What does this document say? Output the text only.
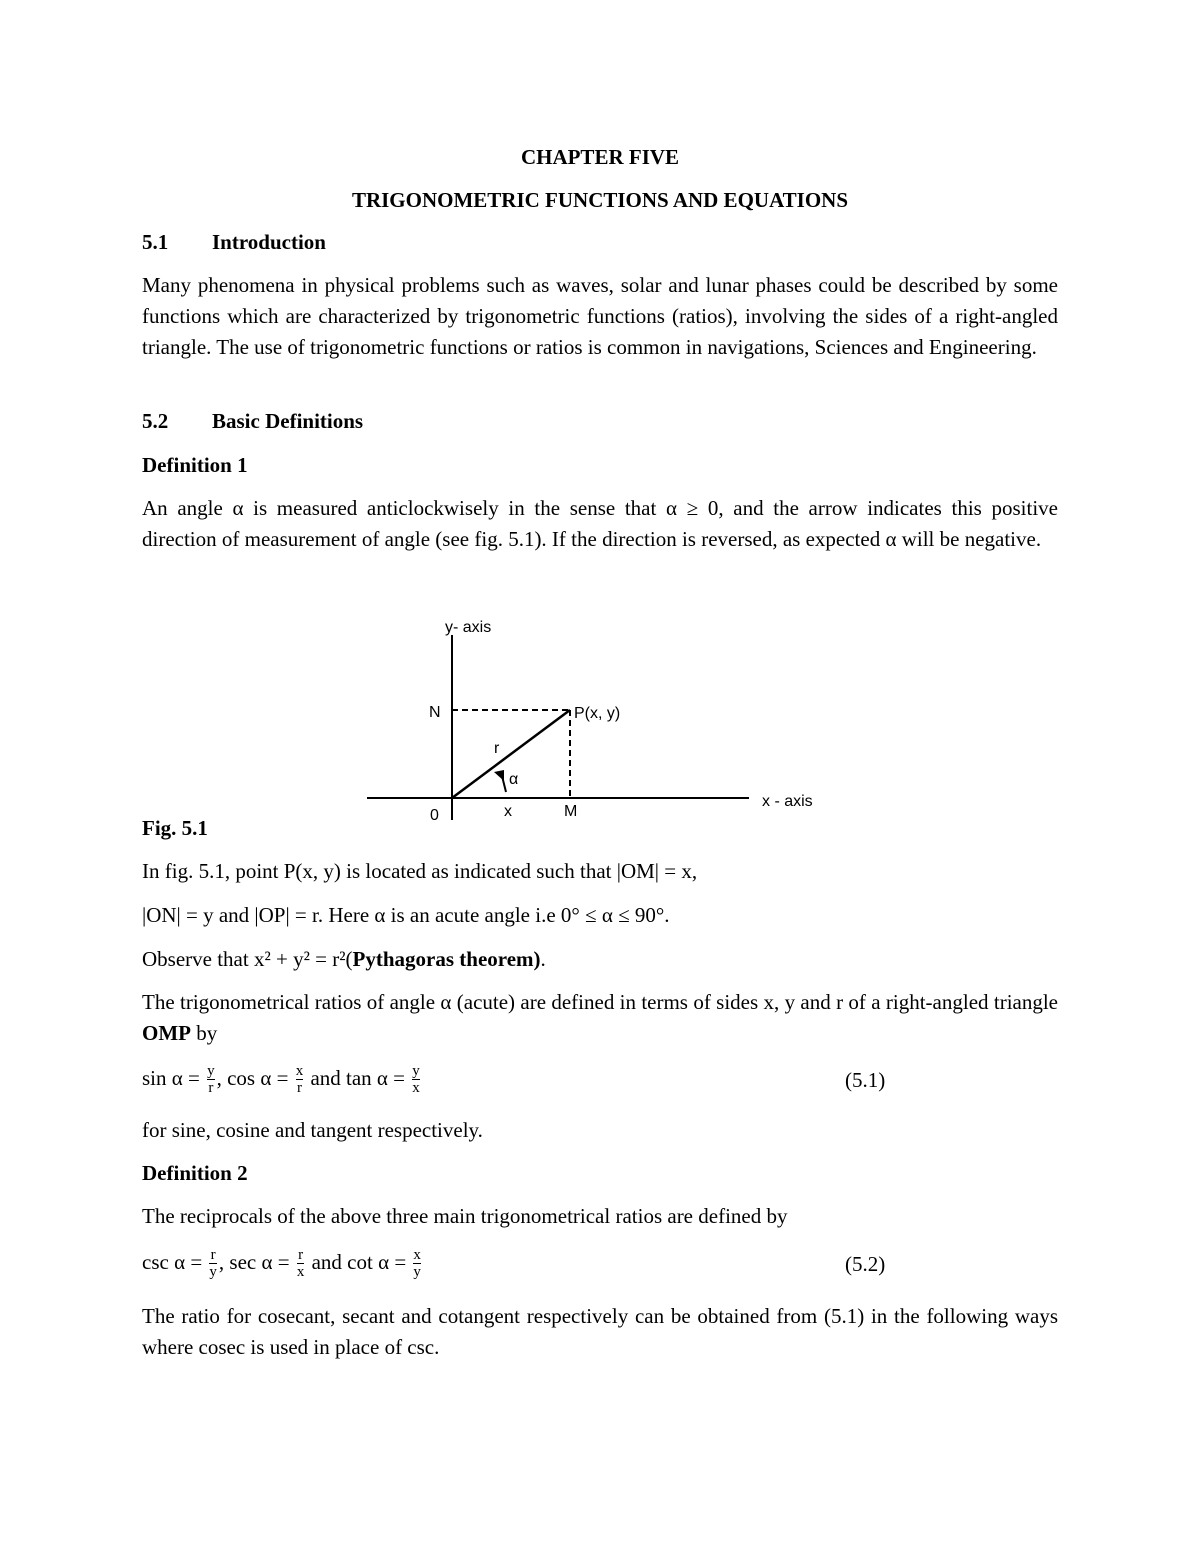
CHAPTER FIVE
TRIGONOMETRIC FUNCTIONS AND EQUATIONS
5.1 Introduction
Many phenomena in physical problems such as waves, solar and lunar phases could be described by some functions which are characterized by trigonometric functions (ratios), involving the sides of a right-angled triangle. The use of trigonometric functions or ratios is common in navigations, Sciences and Engineering.
5.2 Basic Definitions
Definition 1
An angle α is measured anticlockwisely in the sense that α ≥ 0, and the arrow indicates this positive direction of measurement of angle (see fig. 5.1). If the direction is reversed, as expected α will be negative.
y- axis
x - axis
N	P(x, y)
r
α
0	x	M
Fig. 5.1
In fig. 5.1, point P(x, y) is located as indicated such that |OM| = x,
|ON| = y and |OP| = r. Here α is an acute angle i.e 0° ≤ α ≤ 90°.
Observe that x² + y² = r²(Pythagoras theorem).
The trigonometrical ratios of angle α (acute) are defined in terms of sides x, y and r of a right-angled triangle OMP by
$\sin \alpha = \frac{y}{r}$ , $\cos \alpha = \frac{x}{r}$ and $\tan \alpha = \frac{y}{x}$	(5.1)
for sine, cosine and tangent respectively.
Definition 2
The reciprocals of the above three main trigonometrical ratios are defined by
$\csc \alpha = \frac{r}{y}$ , $\sec \alpha = \frac{r}{x}$ and $\cot \alpha = \frac{x}{y}$	(5.2)
The ratio for cosecant, secant and cotangent respectively can be obtained from (5.1) in the following ways where cosec is used in place of csc.
